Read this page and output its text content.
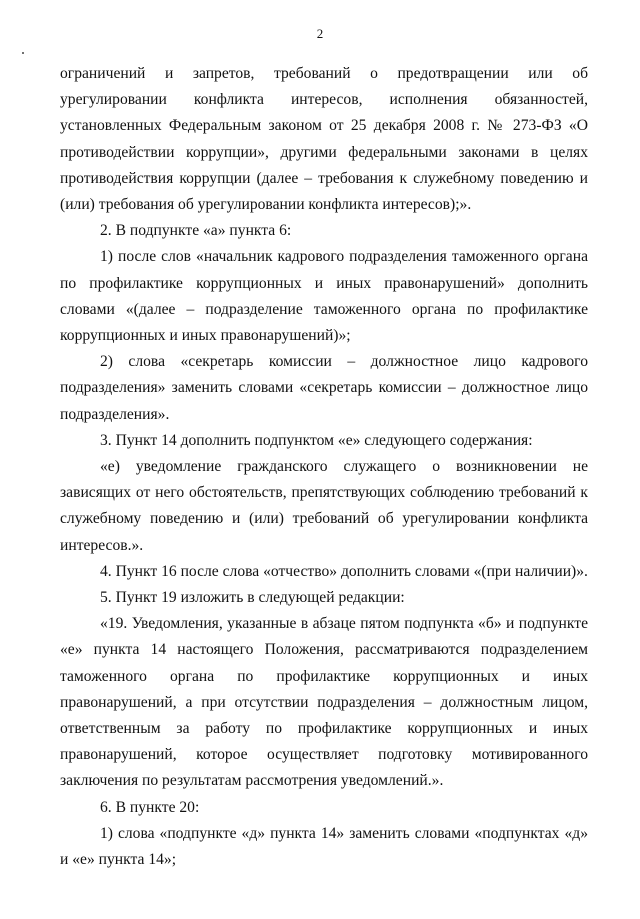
2

ограничений и запретов, требований о предотвращении или об урегулировании конфликта интересов, исполнения обязанностей, установленных Федеральным законом от 25 декабря 2008 г. № 273-ФЗ «О противодействии коррупции», другими федеральными законами в целях противодействия коррупции (далее – требования к служебному поведению и (или) требования об урегулировании конфликта интересов);».

2. В подпункте «а» пункта 6:

1) после слов «начальник кадрового подразделения таможенного органа по профилактике коррупционных и иных правонарушений» дополнить словами «(далее – подразделение таможенного органа по профилактике коррупционных и иных правонарушений)»;

2) слова «секретарь комиссии – должностное лицо кадрового подразделения» заменить словами «секретарь комиссии – должностное лицо подразделения».

3. Пункт 14 дополнить подпунктом «е» следующего содержания:

«е) уведомление гражданского служащего о возникновении не зависящих от него обстоятельств, препятствующих соблюдению требований к служебному поведению и (или) требований об урегулировании конфликта интересов.».

4. Пункт 16 после слова «отчество» дополнить словами «(при наличии)».

5. Пункт 19 изложить в следующей редакции:

«19. Уведомления, указанные в абзаце пятом подпункта «б» и подпункте «е» пункта 14 настоящего Положения, рассматриваются подразделением таможенного органа по профилактике коррупционных и иных правонарушений, а при отсутствии подразделения – должностным лицом, ответственным за работу по профилактике коррупционных и иных правонарушений, которое осуществляет подготовку мотивированного заключения по результатам рассмотрения уведомлений.».

6. В пункте 20:

1) слова «подпункте «д» пункта 14» заменить словами «подпунктах «д» и «е» пункта 14»;
